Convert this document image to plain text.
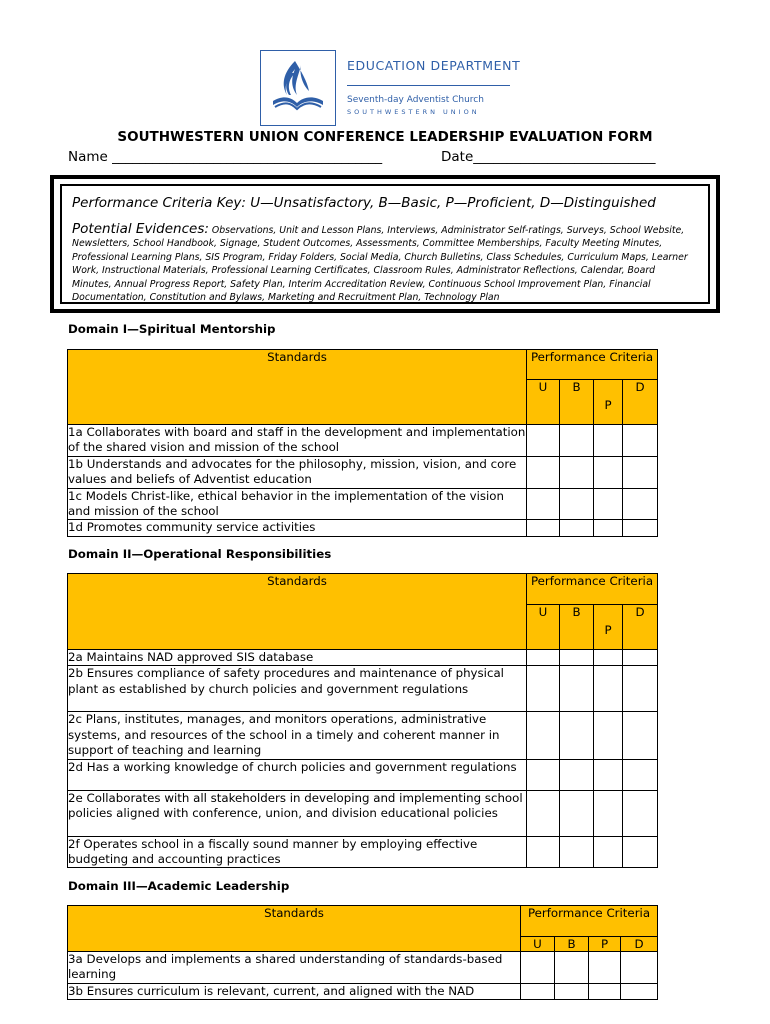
EDUCATION DEPARTMENT
Seventh-day Adventist Church
SOUTHWESTERN UNION
SOUTHWESTERN UNION CONFERENCE LEADERSHIP EVALUATION FORM
Name ________________________________________	Date___________________________
Performance Criteria Key: U—Unsatisfactory, B—Basic, P—Proficient, D—Distinguished
Potential Evidences: Observations, Unit and Lesson Plans, Interviews, Administrator Self-ratings, Surveys, School Website, Newsletters, School Handbook, Signage, Student Outcomes, Assessments, Committee Memberships, Faculty Meeting Minutes, Professional Learning Plans, SIS Program, Friday Folders, Social Media, Church Bulletins, Class Schedules, Curriculum Maps, Learner Work, Instructional Materials, Professional Learning Certificates, Classroom Rules, Administrator Reflections, Calendar, Board Minutes, Annual Progress Report, Safety Plan, Interim Accreditation Review, Continuous School Improvement Plan, Financial Documentation, Constitution and Bylaws, Marketing and Recruitment Plan, Technology Plan
Domain I—Spiritual Mentorship
Standards	Performance Criteria			
	U	B	P	D
1a Collaborates with board and staff in the development and implementation of the shared vision and mission of the school				
1b Understands and advocates for the philosophy, mission, vision, and core values and beliefs of Adventist education				
1c Models Christ-like, ethical behavior in the implementation of the vision and mission of the school				
1d Promotes community service activities				
Domain II—Operational Responsibilities
Standards	Performance Criteria			
	U	B	P	D
2a Maintains NAD approved SIS database				
2b Ensures compliance of safety procedures and maintenance of physical plant as established by church policies and government regulations				
2c Plans, institutes, manages, and monitors operations, administrative systems, and resources of the school in a timely and coherent manner in support of teaching and learning				
2d Has a working knowledge of church policies and government regulations				
2e Collaborates with all stakeholders in developing and implementing school policies aligned with conference, union, and division educational policies				
2f Operates school in a fiscally sound manner by employing effective budgeting and accounting practices				
Domain III—Academic Leadership
Standards	Performance Criteria			
	U	B	P	D
3a Develops and implements a shared understanding of standards-based learning				
3b Ensures curriculum is relevant, current, and aligned with the NAD				
